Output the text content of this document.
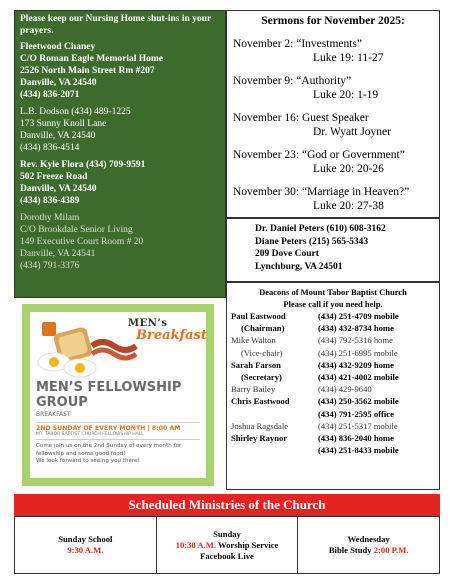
Please keep our Nursing Home shut-ins in your prayers.
Fleetwood Chaney
C/O Roman Eagle Memorial Home
2526 North Main Street Rm #207
Danville, VA 24540
(434) 836-2071
L.B. Dodson (434) 489-1225
173 Sunny Knoll Lane
Danville, VA 24540
(434) 836-4514
Rev. Kyle Flora (434) 709-9591
502 Freeze Road
Danville, VA 24540
(434) 836-4389
Dorothy Milam
C/O Brookdale Senior Living
149 Executive Court Room # 20
Danville, VA 24541
(434) 791-3376
Sermons for November 2025:
November 2: “Investments”
Luke 19: 11-27
November 9: “Authority”
Luke 20: 1-19
November 16: Guest Speaker
Dr. Wyatt Joyner
November 23: “God or Government”
Luke 20: 20-26
November 30: “Marriage in Heaven?”
Luke 20: 27-38
Dr. Daniel Peters (610) 608-3162
Diane Peters (215) 565-5343
209 Dove Court
Lynchburg, VA 24501
MEN’s
Breakfast
MEN’S FELLOWSHIP
GROUP
BREAKFAST
2ND SUNDAY OF EVERY MONTH | 8:00 AM
MT. TABOR BAPTIST CHURCH FELLOWSHIP HALL
Come join us on the 2nd Sunday of every month for fellowship and some good food!
We look forward to seeing you there!
Deacons of Mount Tabor Baptist Church
Please call if you need help.
Paul Eastwood	(434) 251-4709 mobile
(Chairman)	(434) 432-8734 home
Mike Walton	(434) 792-5316 home
(Vice-chair)	(434) 251-6995 mobile
Sarah Farson	(434) 432-9209 home
(Secretary)	(434) 421-4002 mobile
Barry Bailey	(434) 429-9640
Chris Eastwood	(434) 250-3562 mobile
(434) 791-2595 office
Joshua Ragsdale	(434) 251-5317 mobile
Shirley Raynor	(434) 836-2040 home
(434) 251-8433 mobile
Scheduled Ministries of the Church
Sunday School
9:30 A.M.
Sunday
10:30 A.M. Worship Service
Facebook Live
Wednesday
Bible Study 2:00 P.M.
